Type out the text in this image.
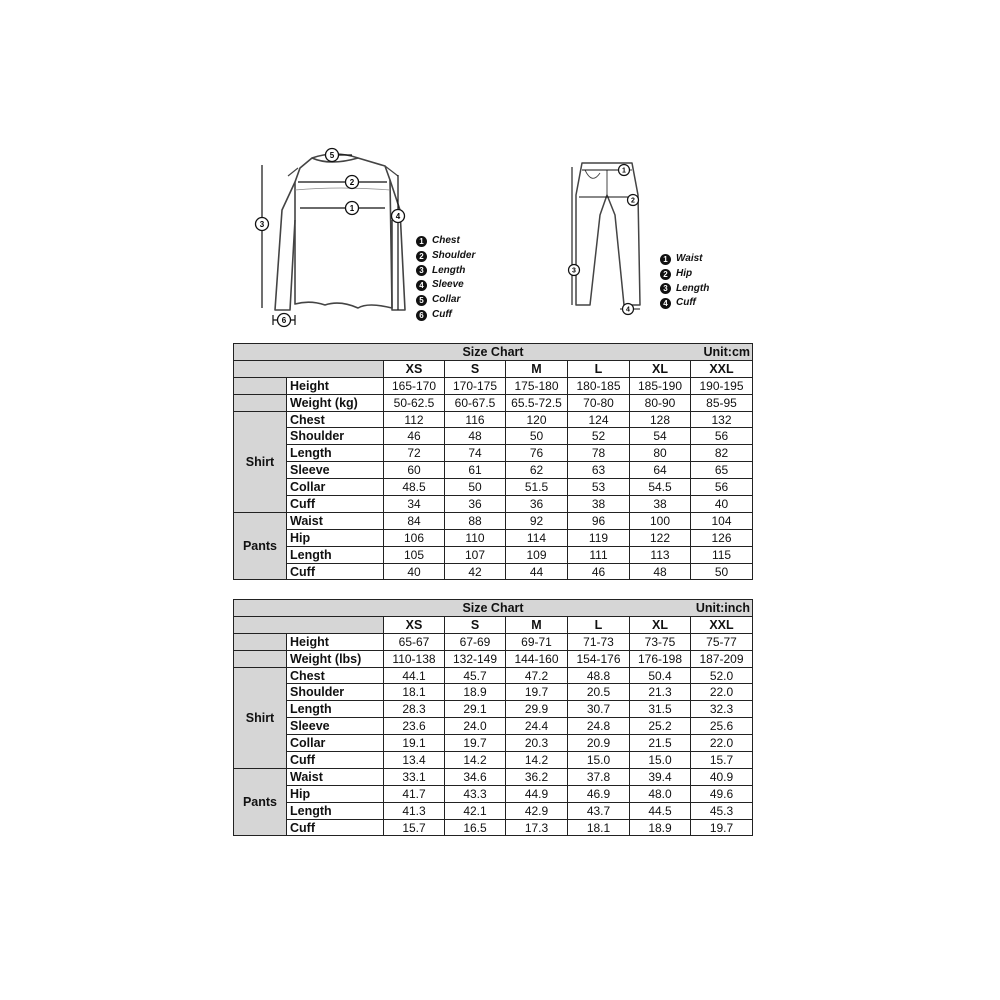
1
2
3
4
5
6
1 Chest
2 Shoulder
3 Length
4 Sleeve
5 Collar
6 Cuff
1
2
3
4
1 Waist
2 Hip
3 Length
4 Cuff
Size Chart Unit:cm							

		XS	S	M	L	XL	XXL
	Height	165-170	170-175	175-180	180-185	185-190	190-195
	Weight (kg)	50-62.5	60-67.5	65.5-72.5	70-80	80-90	85-95
Shirt	Chest	112	116	120	124	128	132
	Shoulder	46	48	50	52	54	56
	Length	72	74	76	78	80	82
	Sleeve	60	61	62	63	64	65
	Collar	48.5	50	51.5	53	54.5	56
	Cuff	34	36	36	38	38	40
Pants	Waist	84	88	92	96	100	104
	Hip	106	110	114	119	122	126
	Length	105	107	109	111	113	115
	Cuff	40	42	44	46	48	50
Size Chart Unit:inch							

		XS	S	M	L	XL	XXL
	Height	65-67	67-69	69-71	71-73	73-75	75-77
	Weight (lbs)	110-138	132-149	144-160	154-176	176-198	187-209
Shirt	Chest	44.1	45.7	47.2	48.8	50.4	52.0
	Shoulder	18.1	18.9	19.7	20.5	21.3	22.0
	Length	28.3	29.1	29.9	30.7	31.5	32.3
	Sleeve	23.6	24.0	24.4	24.8	25.2	25.6
	Collar	19.1	19.7	20.3	20.9	21.5	22.0
	Cuff	13.4	14.2	14.2	15.0	15.0	15.7
Pants	Waist	33.1	34.6	36.2	37.8	39.4	40.9
	Hip	41.7	43.3	44.9	46.9	48.0	49.6
	Length	41.3	42.1	42.9	43.7	44.5	45.3
	Cuff	15.7	16.5	17.3	18.1	18.9	19.7
